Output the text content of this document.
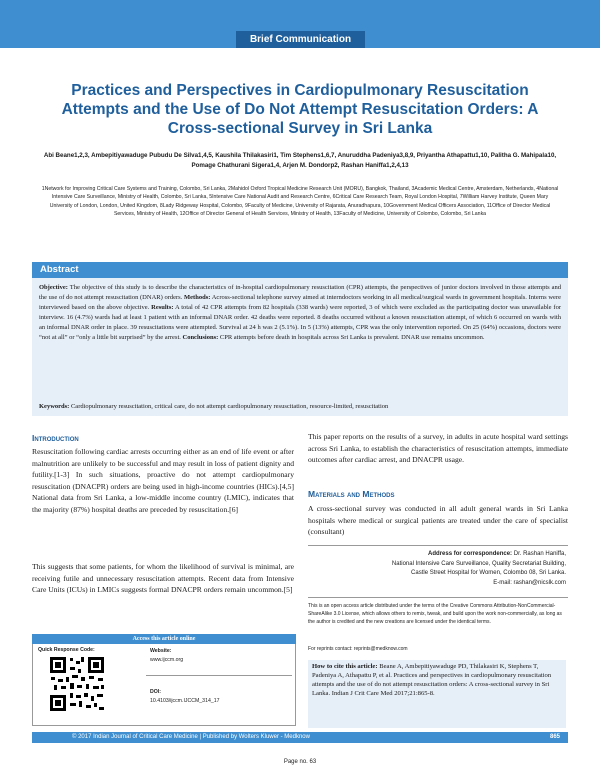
Brief Communication
Practices and Perspectives in Cardiopulmonary Resuscitation Attempts and the Use of Do Not Attempt Resuscitation Orders: A Cross-sectional Survey in Sri Lanka
Abi Beane1,2,3, Ambepitiyawaduge Pubudu De Silva1,4,5, Kaushila Thilakasiri1, Tim Stephens1,6,7, Anuruddha Padeniya3,8,9, Priyantha Athapattu1,10, Palitha G. Mahipala10, Pomage Chathurani Sigera1,4, Arjen M. Dondorp2, Rashan Haniffa1,2,4,13
1Network for Improving Critical Care Systems and Training, Colombo, Sri Lanka, 2Mahidol Oxford Tropical Medicine Research Unit (MORU), Bangkok, Thailand, 3Academic Medical Centre, Amsterdam, Netherlands, 4National Intensive Care Surveillance, Ministry of Health, Colombo, Sri Lanka, 5Intensive Care National Audit and Research Centre, 6Critical Care Research Team, Royal London Hospital, 7William Harvey Institute, Queen Mary University of London, London, United Kingdom, 8Lady Ridgeway Hospital, Colombo, 9Faculty of Medicine, University of Rajarata, Anuradhapura, 10Government Medical Officers Association, 11Office of Director Medical Services, Ministry of Health, 12Office of Director General of Health Services, Ministry of Health, 13Faculty of Medicine, University of Colombo, Colombo, Sri Lanka
Abstract
Objective: The objective of this study is to describe the characteristics of in-hospital cardiopulmonary resuscitation (CPR) attempts, the perspectives of junior doctors involved in those attempts and the use of do not attempt resuscitation (DNAR) orders. Methods: Across-sectional telephone survey aimed at interndoctors working in all medical/surgical wards in government hospitals. Interns were interviewed based on the above objective. Results: A total of 42 CPR attempts from 82 hospitals (338 wards) were reported, 3 of which were excluded as the participating doctor was unavailable for interview. 16 (4.7%) wards had at least 1 patient with an informal DNAR order. 42 deaths were reported. 8 deaths occurred without a known resuscitation attempt, of which 6 occurred on wards with an informal DNAR order in place. 39 resuscitations were attempted. Survival at 24 h was 2 (5.1%). In 5 (13%) attempts, CPR was the only intervention reported. On 25 (64%) occasions, doctors were “not at all” or “only a little bit surprised” by the arrest. Conclusions: CPR attempts before death in hospitals across Sri Lanka is prevalent. DNAR use remains uncommon.
Keywords: Cardiopulmonary resuscitation, critical care, do not attempt cardiopulmonary resuscitation, resource-limited, resuscitation
Introduction
Resuscitation following cardiac arrests occurring either as an end of life event or after malnutrition are unlikely to be successful and may result in loss of patient dignity and futility.[1-3] In such situations, proactive do not attempt cardiopulmonary resuscitation (DNACPR) orders are being used in high-income countries (HICs).[4,5] National data from Sri Lanka, a low-middle income country (LMIC), indicates that the majority (87%) hospital deaths are preceded by resuscitation.[6]
This suggests that some patients, for whom the likelihood of survival is minimal, are receiving futile and unnecessary resuscitation attempts. Recent data from Intensive Care Units (ICUs) in LMICs suggests formal DNACPR orders remain uncommon.[5]
Access this article online
Quick Response Code:	Website:
www.ijccm.org
DOI:
10.4103/ijccm.IJCCM_314_17
This paper reports on the results of a survey, in adults in acute hospital ward settings across Sri Lanka, to establish the characteristics of resuscitation attempts, immediate outcomes after cardiac arrest, and DNACPR usage.
Materials and Methods
A cross-sectional survey was conducted in all adult general wards in Sri Lanka hospitals where medical or surgical patients are treated under the care of specialist (consultant)
Address for correspondence: Dr. Rashan Haniffa,
National Intensive Care Surveillance, Quality Secretariat Building,
Castle Street Hospital for Women, Colombo 08, Sri Lanka.
E-mail: rashan@nicslk.com
This is an open access article distributed under the terms of the Creative Commons Attribution-NonCommercial-ShareAlike 3.0 License, which allows others to remix, tweak, and build upon the work non-commercially, as long as the author is credited and the new creations are licensed under the identical terms.
For reprints contact: reprints@medknow.com
How to cite this article: Beane A, Ambepitiyawaduge PD, Thilakasiri K, Stephens T, Padeniya A, Athapattu P, et al. Practices and perspectives in cardiopulmonary resuscitation attempts and the use of do not attempt resuscitation orders: A cross-sectional survey in Sri Lanka. Indian J Crit Care Med 2017;21:865-8.
© 2017 Indian Journal of Critical Care Medicine | Published by Wolters Kluwer - Medknow	865
Page no. 63
